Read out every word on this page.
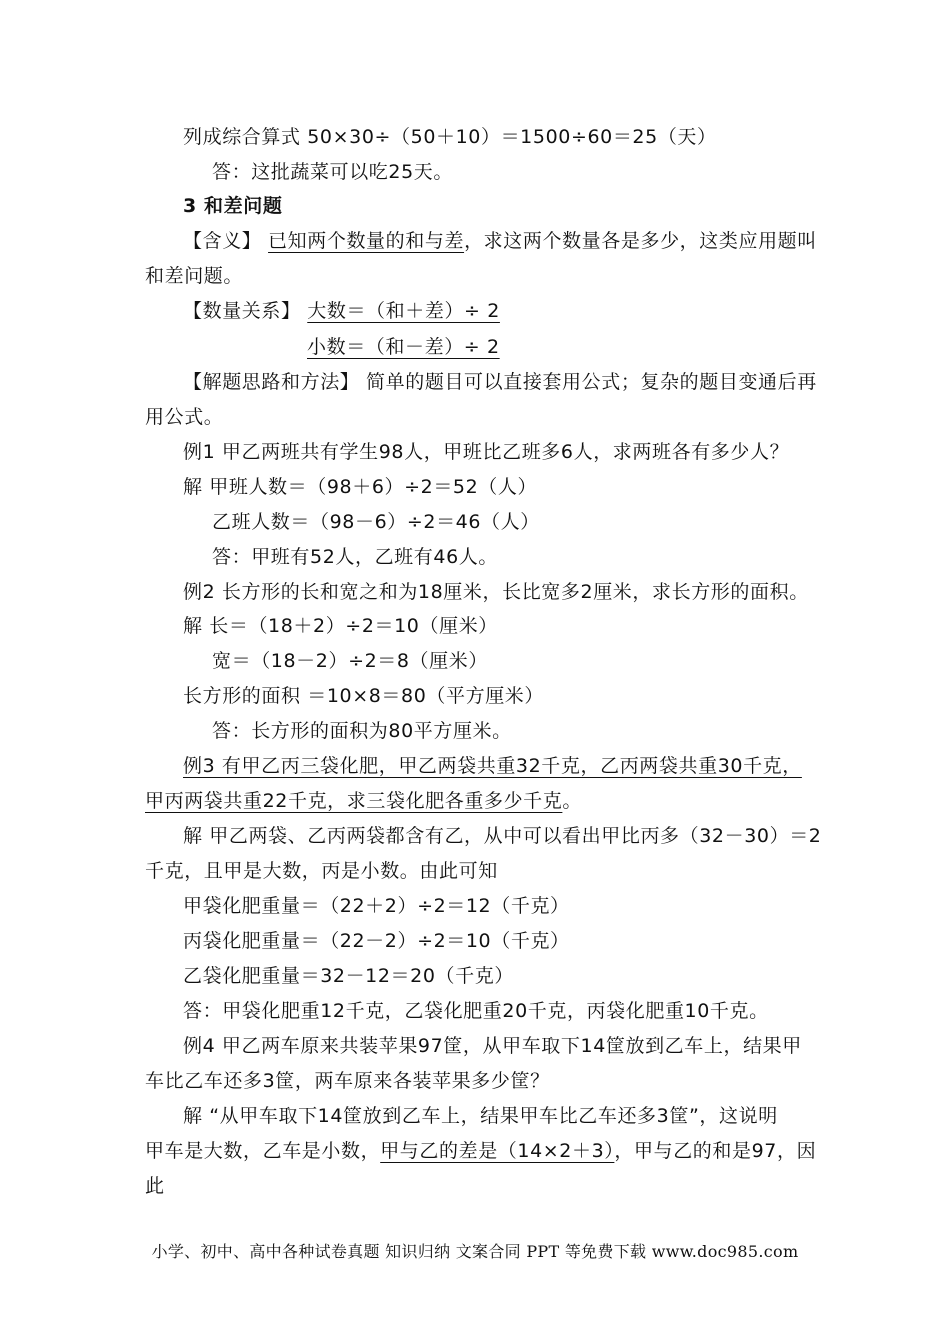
列成综合算式 50×30÷（50＋10）＝1500÷60＝25（天）
答：这批蔬菜可以吃25天。
3 和差问题
【含义】 已知两个数量的和与差，求这两个数量各是多少，这类应用题叫
和差问题。
【数量关系】 大数＝（和＋差）÷ 2
小数＝（和－差）÷ 2
【解题思路和方法】 简单的题目可以直接套用公式；复杂的题目变通后再
用公式。
例1 甲乙两班共有学生98人，甲班比乙班多6人，求两班各有多少人？
解 甲班人数＝（98＋6）÷2＝52（人）
乙班人数＝（98－6）÷2＝46（人）
答：甲班有52人，乙班有46人。
例2 长方形的长和宽之和为18厘米，长比宽多2厘米，求长方形的面积。
解 长＝（18＋2）÷2＝10（厘米）
宽＝（18－2）÷2＝8（厘米）
长方形的面积 ＝10×8＝80（平方厘米）
答：长方形的面积为80平方厘米。
例3 有甲乙丙三袋化肥，甲乙两袋共重32千克，乙丙两袋共重30千克，
甲丙两袋共重22千克，求三袋化肥各重多少千克。
解 甲乙两袋、乙丙两袋都含有乙，从中可以看出甲比丙多（32－30）＝2
千克，且甲是大数，丙是小数。由此可知
甲袋化肥重量＝（22＋2）÷2＝12（千克）
丙袋化肥重量＝（22－2）÷2＝10（千克）
乙袋化肥重量＝32－12＝20（千克）
答：甲袋化肥重12千克，乙袋化肥重20千克，丙袋化肥重10千克。
例4 甲乙两车原来共装苹果97筐，从甲车取下14筐放到乙车上，结果甲
车比乙车还多3筐，两车原来各装苹果多少筐？
解 “从甲车取下14筐放到乙车上，结果甲车比乙车还多3筐”，这说明
甲车是大数，乙车是小数，甲与乙的差是（14×2＋3），甲与乙的和是97，因
此
小学、初中、高中各种试卷真题 知识归纳 文案合同 PPT 等免费下载 www.doc985.com
